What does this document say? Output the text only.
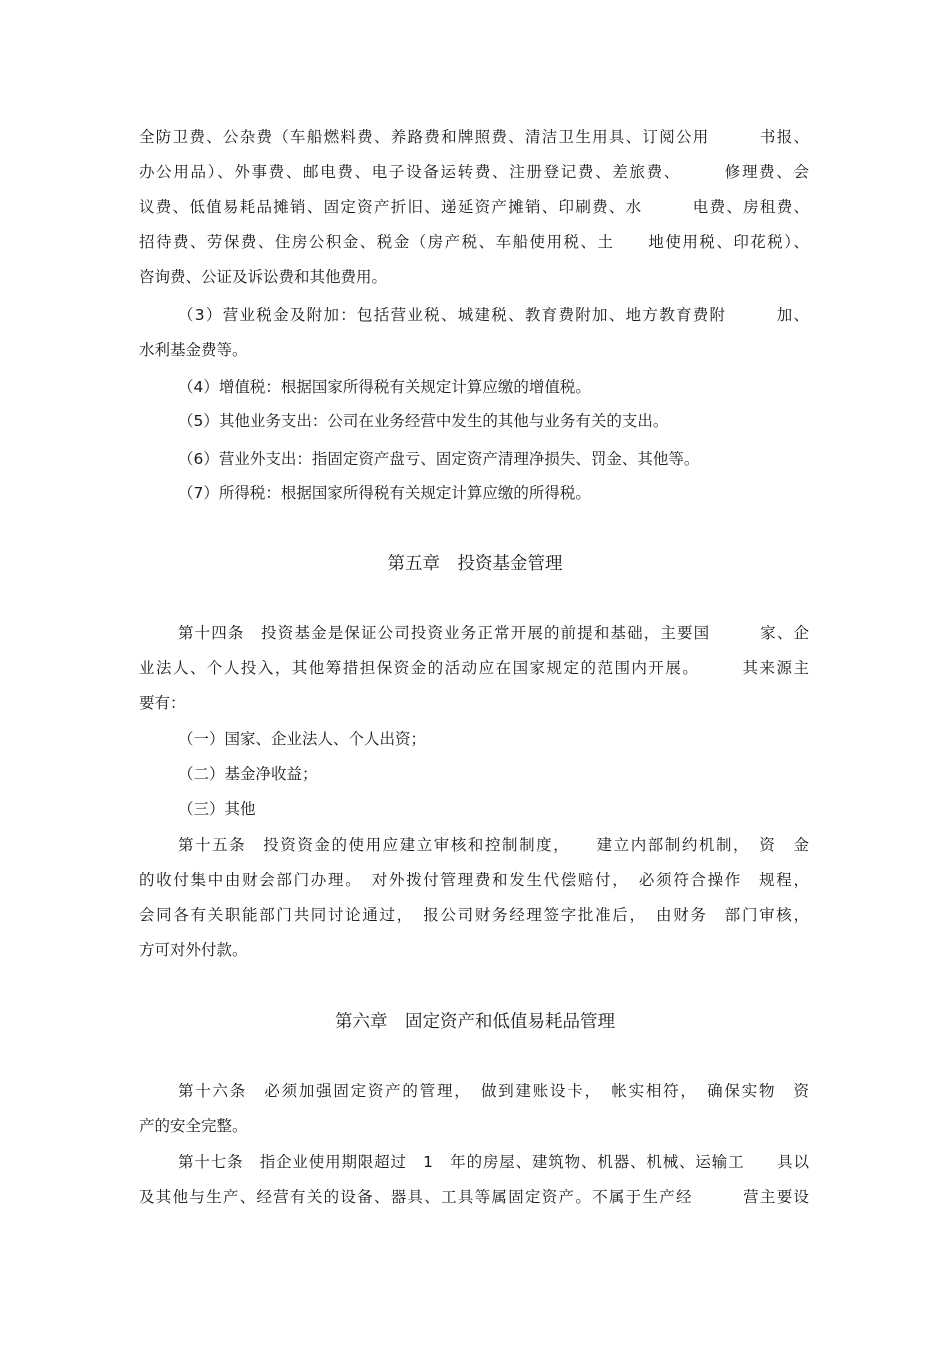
全防卫费、公杂费（车船燃料费、养路费和牌照费、清洁卫生用具、订阅公用　　　书报、
办公用品）、外事费、邮电费、电子设备运转费、注册登记费、差旅费、　　　修理费、会
议费、低值易耗品摊销、固定资产折旧、递延资产摊销、印刷费、水　　　电费、房租费、
招待费、劳保费、住房公积金、税金（房产税、车船使用税、土　　地使用税、印花税）、
咨询费、公证及诉讼费和其他费用。
（3）营业税金及附加：包括营业税、城建税、教育费附加、地方教育费附　　　加、
水利基金费等。
（4）增值税：根据国家所得税有关规定计算应缴的增值税。
（5）其他业务支出：公司在业务经营中发生的其他与业务有关的支出。
（6）营业外支出：指固定资产盘亏、固定资产清理净损失、罚金、其他等。
（7）所得税：根据国家所得税有关规定计算应缴的所得税。
第五章　投资基金管理
第十四条　投资基金是保证公司投资业务正常开展的前提和基础，主要国　　　家、企
业法人、个人投入，其他筹措担保资金的活动应在国家规定的范围内开展。　　　其来源主
要有：
（一）国家、企业法人、个人出资；
（二）基金净收益；
（三）其他
第十五条　投资资金的使用应建立审核和控制制度，　　建立内部制约机制，　资　金
的收付集中由财会部门办理。　对外拨付管理费和发生代偿赔付，　必须符合操作　规程，
会同各有关职能部门共同讨论通过，　报公司财务经理签字批准后，　由财务　部门审核，
方可对外付款。
第六章　固定资产和低值易耗品管理
第十六条　必须加强固定资产的管理，　做到建账设卡，　帐实相符，　确保实物　资
产的安全完整。
第十七条　指企业使用期限超过　1　年的房屋、建筑物、机器、机械、运输工　　具以
及其他与生产、经营有关的设备、器具、工具等属固定资产。不属于生产经　　　营主要设
